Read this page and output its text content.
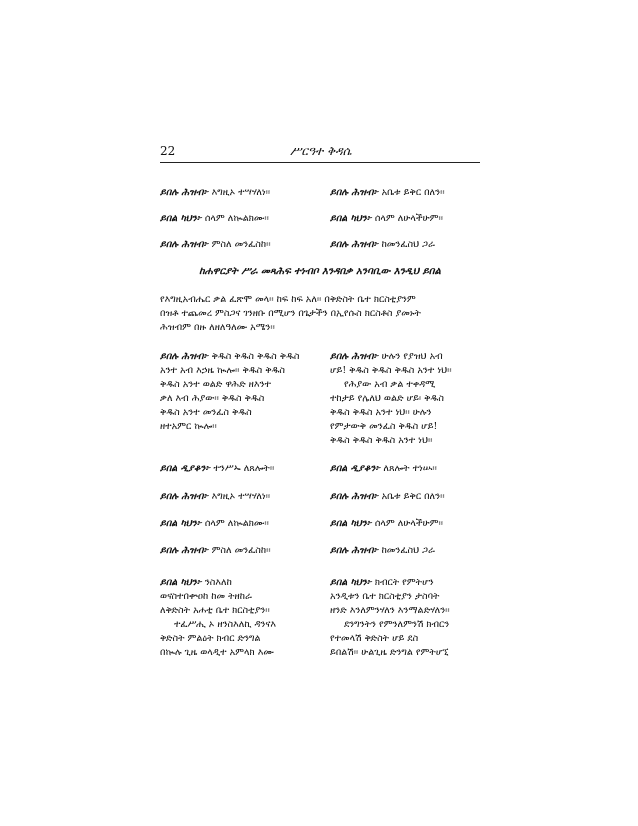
22	ሥርዓተ ቅዳሴ
ይበሉ ሕዝብ፦ እግዚኦ ተሣሃለነ፡፡	ይበሉ ሕዝብ፦ አቤቱ ይቅር በለን፡፡
ይበል ካህን፦ ሰላም ለኲልክሙ፡፡	ይበል ካህን፦ ሰላም ለሁላችሁም፡፡
ይበሉ ሕዝብ፦ ምስለ መንፈስከ፡፡	ይበሉ ሕዝብ፦ ከመንፈስህ ጋራ
ከሐዋርያት ሥራ መጻሕፍ ተነብቦ እንዳበቃ አንባቢው እንዲህ ይበል
የእግዚአብሔር ቃል ፈጽሞ መላ፡፡ ከፍ ከፍ አለ፡፡ በቅድስት ቤተ ክርስቲያንም
በዝቶ ተጨመረ ምስጋና ገንዘቡ በሚሆን በጌታችን በኢየሱስ ክርስቶስ ያመኑት
ሕዝብም በዙ ለዘለዓለሙ አሜን፡፡
ይበሉ ሕዝብ፦ ቅዱስ ቅዱስ ቅዱስ ቅዱስ
አንተ አብ እኃዜ ኲሎ፡፡ ቅዱስ ቅዱስ
ቅዱስ አንተ ወልድ ዋሕድ ዘእንተ
ቃለ እብ ሕያው፡፡ ቅዱስ ቅዱስ
ቅዱስ አንተ መንፈስ ቅዱስ
ዘተአምር ኲሎ፡፡
ይበሉ ሕዝብ፦ ሁሉን የያዝህ አብ
ሆይ! ቅዱስ ቅዱስ ቅዱስ አንተ ነህ፡፡
የሕያው አብ ቃል ተቀዳሚ
ተከታይ የሌለህ ወልድ ሆይ፡ ቅዱስ
ቅዱስ ቅዱስ አንተ ነህ፡፡ ሁሉን
የምታውቅ መንፈስ ቅዱስ ሆይ!
ቅዱስ ቅዱስ ቅዱስ አንተ ነህ፡፡
ይበል ዲያቆን፦ ተንሥኡ ለጸሎት፡፡	ይበል ዲያቆን፦ ለጸሎት ተነሡ፡፡
ይበሉ ሕዝብ፦ እግዚኦ ተሣሃለነ፡፡	ይበሉ ሕዝብ፦ አቤቱ ይቅር በለን፡፡
ይበል ካህን፦ ሰላም ለኲልክሙ፡፡	ይበል ካህን፦ ሰላም ለሁላችሁም፡፡
ይበሉ ሕዝብ፦ ምስለ መንፈስከ፡፡	ይበሉ ሕዝብ፦ ከመንፈስህ ጋራ
ይበል ካህን፦ ንስእለከ
ወናስተበቍዐከ ከመ ትዘከራ
ለቅድስት አሐቲ ቤተ ክርስቲያን፡፡
ተፈሥሒ ኦ ዘንስእለኪ ዳንናእ
ቅድስት ምልዕት ክብር ድንግል
በኲሉ ጊዜ ወላዲተ አምላክ እሙ
ይበል ካህን፦ ክብርት የምትሆን
አንዲቱን ቤተ ክርስቲያን ታስባት
ዘንድ እንለምንሃለን እንማልድሃለን፡፡
ደንግንትን የምንለምንሽ ክብርን
የተመላሽ ቅድስት ሆይ ደስ
ይበልሽ፡፡ ሁልጊዜ ድንግል የምትሆኚ
